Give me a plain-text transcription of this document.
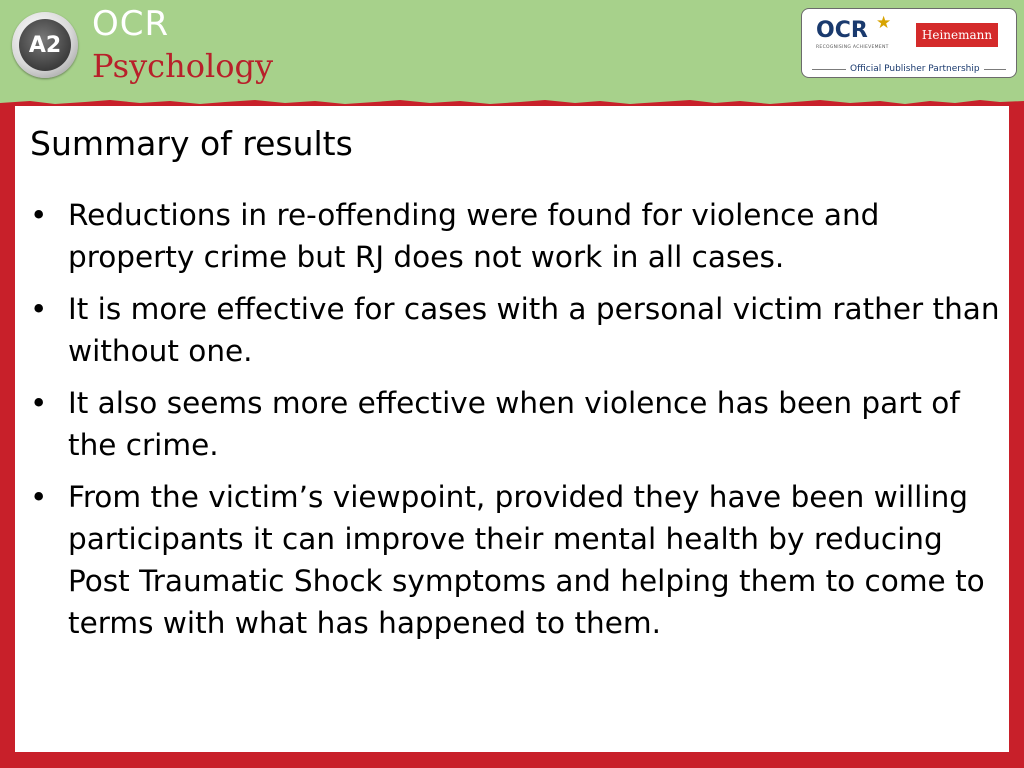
A2
OCR
Psychology
OCR ★
RECOGNISING ACHIEVEMENT
Heinemann
Official Publisher Partnership
Summary of results
• Reductions in re-offending were found for violence and property crime but RJ does not work in all cases.
• It is more effective for cases with a personal victim rather than without one.
• It also seems more effective when violence has been part of the crime.
• From the victim’s viewpoint, provided they have been willing participants it can improve their mental health by reducing Post Traumatic Shock symptoms and helping them to come to terms with what has happened to them.
